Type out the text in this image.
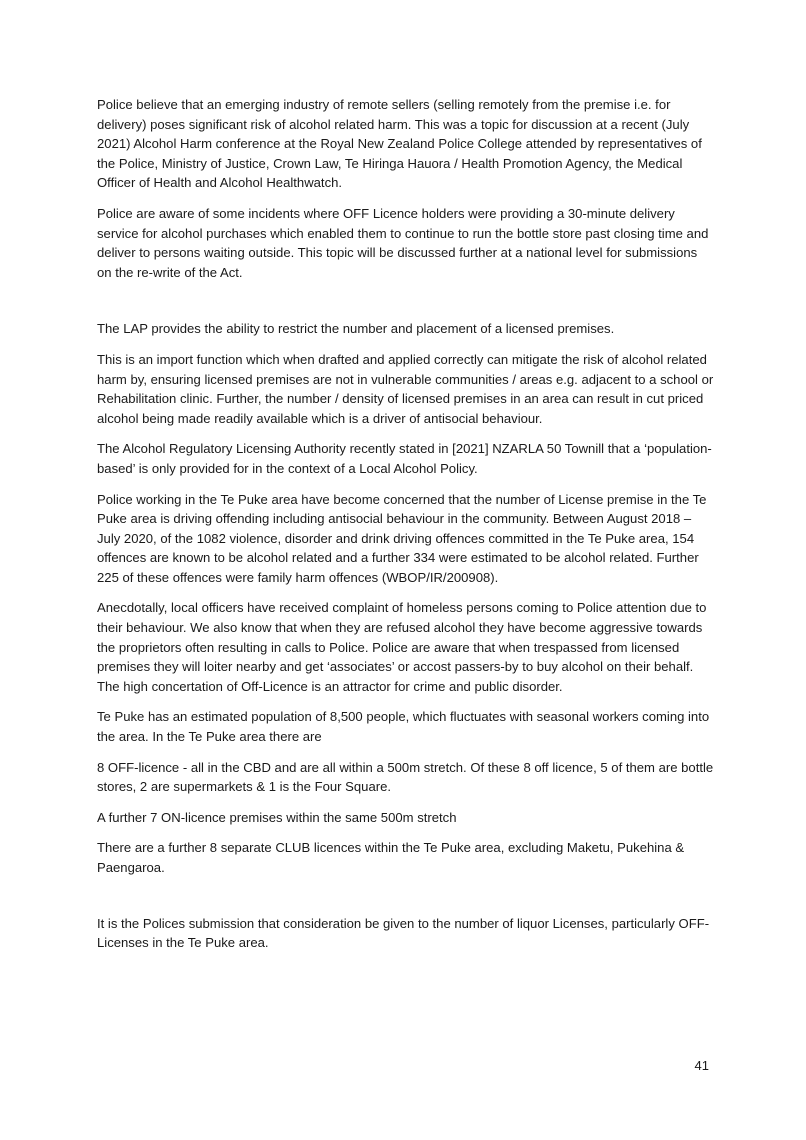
Police believe that an emerging industry of remote sellers (selling remotely from the premise i.e. for delivery) poses significant risk of alcohol related harm. This was a topic for discussion at a recent (July 2021) Alcohol Harm conference at the Royal New Zealand Police College attended by representatives of the Police, Ministry of Justice, Crown Law, Te Hiringa Hauora / Health Promotion Agency, the Medical Officer of Health and Alcohol Healthwatch.

Police are aware of some incidents where OFF Licence holders were providing a 30-minute delivery service for alcohol purchases which enabled them to continue to run the bottle store past closing time and deliver to persons waiting outside. This topic will be discussed further at a national level for submissions on the re-write of the Act.

The LAP provides the ability to restrict the number and placement of a licensed premises.

This is an import function which when drafted and applied correctly can mitigate the risk of alcohol related harm by, ensuring licensed premises are not in vulnerable communities / areas e.g. adjacent to a school or Rehabilitation clinic. Further, the number / density of licensed premises in an area can result in cut priced alcohol being made readily available which is a driver of antisocial behaviour.

The Alcohol Regulatory Licensing Authority recently stated in [2021] NZARLA 50 Townill that a ‘population-based’ is only provided for in the context of a Local Alcohol Policy.

Police working in the Te Puke area have become concerned that the number of License premise in the Te Puke area is driving offending including antisocial behaviour in the community. Between August 2018 – July 2020, of the 1082 violence, disorder and drink driving offences committed in the Te Puke area, 154 offences are known to be alcohol related and a further 334 were estimated to be alcohol related. Further 225 of these offences were family harm offences (WBOP/IR/200908).

Anecdotally, local officers have received complaint of homeless persons coming to Police attention due to their behaviour. We also know that when they are refused alcohol they have become aggressive towards the proprietors often resulting in calls to Police. Police are aware that when trespassed from licensed premises they will loiter nearby and get ‘associates’ or accost passers-by to buy alcohol on their behalf. The high concertation of Off-Licence is an attractor for crime and public disorder.

Te Puke has an estimated population of 8,500 people, which fluctuates with seasonal workers coming into the area. In the Te Puke area there are

8 OFF-licence - all in the CBD and are all within a 500m stretch. Of these 8 off licence, 5 of them are bottle stores, 2 are supermarkets & 1 is the Four Square.

A further 7 ON-licence premises within the same 500m stretch

There are a further 8 separate CLUB licences within the Te Puke area, excluding Maketu, Pukehina & Paengaroa.

It is the Polices submission that consideration be given to the number of liquor Licenses, particularly OFF-Licenses in the Te Puke area.

41
